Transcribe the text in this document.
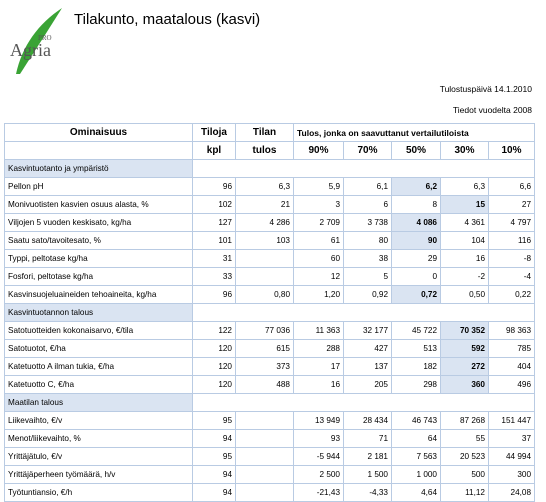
PRO
Agria
Tilakunto, maatalous (kasvi)
Tulostuspäivä 14.1.2010
Tiedot vuodelta 2008
Ominaisuus	Tiloja	Tilan	Tulos, jonka on saavuttanut vertailutiloista				
	kpl	tulos	90%	70%	50%	30%	10%
Kasvintuotanto ja ympäristö							
Pellon pH	96	6,3	5,9	6,1	6,2	6,3	6,6
Monivuotisten kasvien osuus alasta, %	102	21	3	6	8	15	27
Viljojen 5 vuoden keskisato, kg/ha	127	4 286	2 709	3 738	4 086	4 361	4 797
Saatu sato/tavoitesato, %	101	103	61	80	90	104	116
Typpi, peltotase kg/ha	31		60	38	29	16	-8
Fosfori, peltotase kg/ha	33		12	5	0	-2	-4
Kasvinsuojeluaineiden tehoaineita, kg/ha	96	0,80	1,20	0,92	0,72	0,50	0,22
Kasvintuotannon talous							
Satotuotteiden kokonaisarvo, €/tila	122	77 036	11 363	32 177	45 722	70 352	98 363
Satotuotot, €/ha	120	615	288	427	513	592	785
Katetuotto A ilman tukia, €/ha	120	373	17	137	182	272	404
Katetuotto C, €/ha	120	488	16	205	298	360	496
Maatilan talous							
Liikevaihto, €/v	95		13 949	28 434	46 743	87 268	151 447
Menot/liikevaihto, %	94		93	71	64	55	37
Yrittäjätulo, €/v	95		-5 944	2 181	7 563	20 523	44 994
Yrittäjäperheen työmäärä, h/v	94		2 500	1 500	1 000	500	300
Työtuntiansio, €/h	94		-21,43	-4,33	4,64	11,12	24,08
